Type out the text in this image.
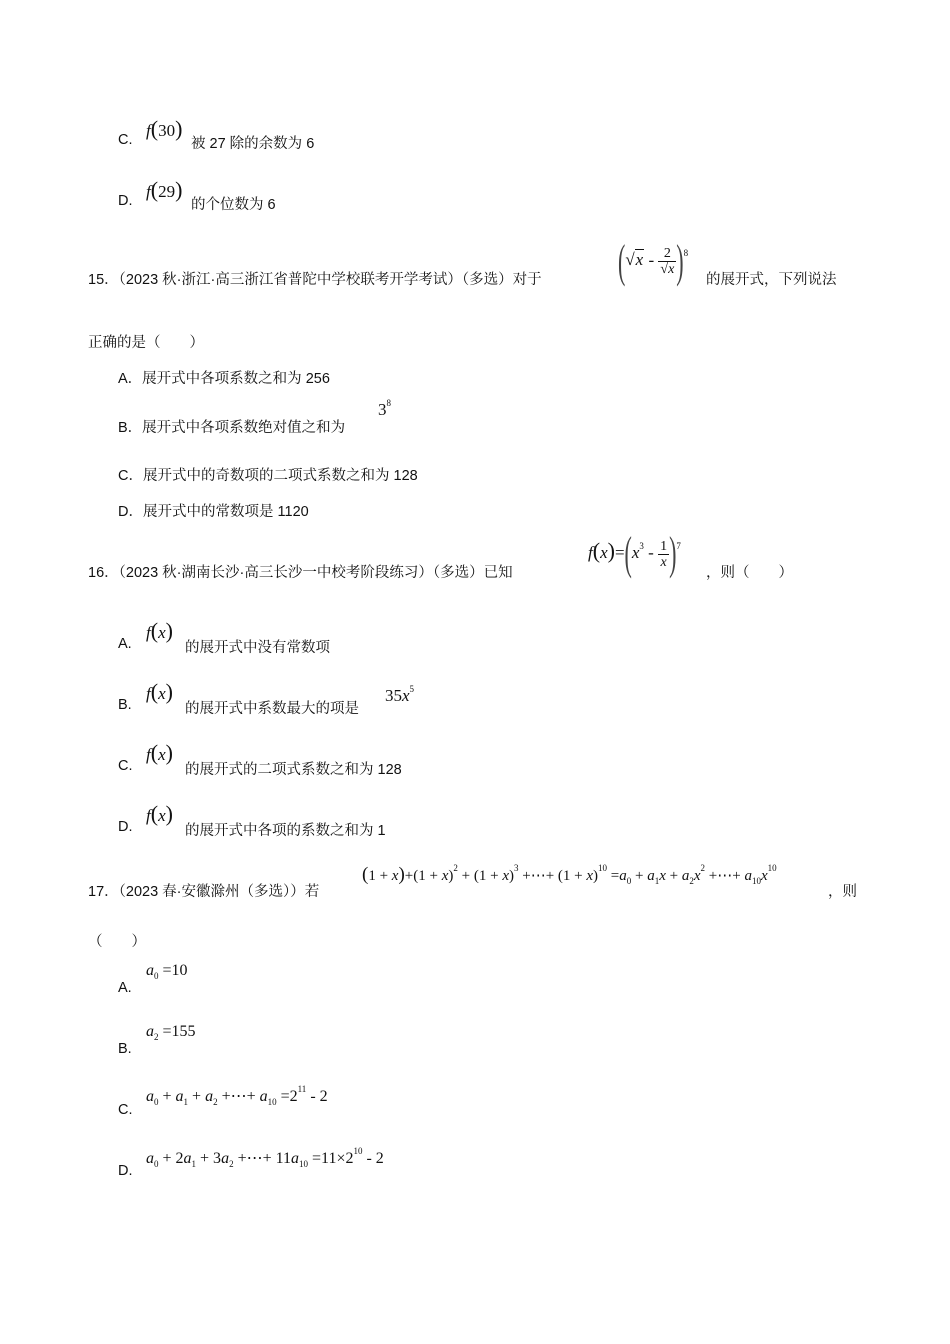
C. f(30)
被 27 除的余数为 6
D. f(29)
的个位数为 6
15．（2023 秋·浙江·高三浙江省普陀中学校联考开学考试）（多选）对于	$(√x - \frac{2}{√x} )^8$
的展开式，下列说法
正确的是（　　）
A．展开式中各项系数之和为 256
B．展开式中各项系数绝对值之和为
$3^8$
C．展开式中的奇数项的二项式系数之和为 128
D．展开式中的常数项是 1120
16．（2023 秋·湖南长沙·高三长沙一中校考阶段练习）（多选）已知
$f(x)=(x^3 - \frac{1}{x} )^7$
，则（　　）
A.
f(x)
的展开式中没有常数项
B.
f(x)
的展开式中系数最大的项是
$35x^5$
C.
f(x)
的展开式的二项式系数之和为 128
D.
f(x)
的展开式中各项的系数之和为 1
17．（2023 春·安徽滁州（多选））若
$(1 + x)+(1 + x)^2 + (1 + x)^3$ +⋯+ $(1 + x)^{10} =a_0 + a_1x + a_2x^2$ +⋯+ $a_{10}x^{10}$
，则
（　　）
A.
$a_0 =10$
B.
$a_2 =155$
C.
$a_0 + a_1 + a_2$ +⋯+ $a_{10} =2^{11} - 2$
D.
$a_0 + 2a_1 + 3a_2$ +⋯+ $11a_{10} =11\times 2^{10} - 2$
